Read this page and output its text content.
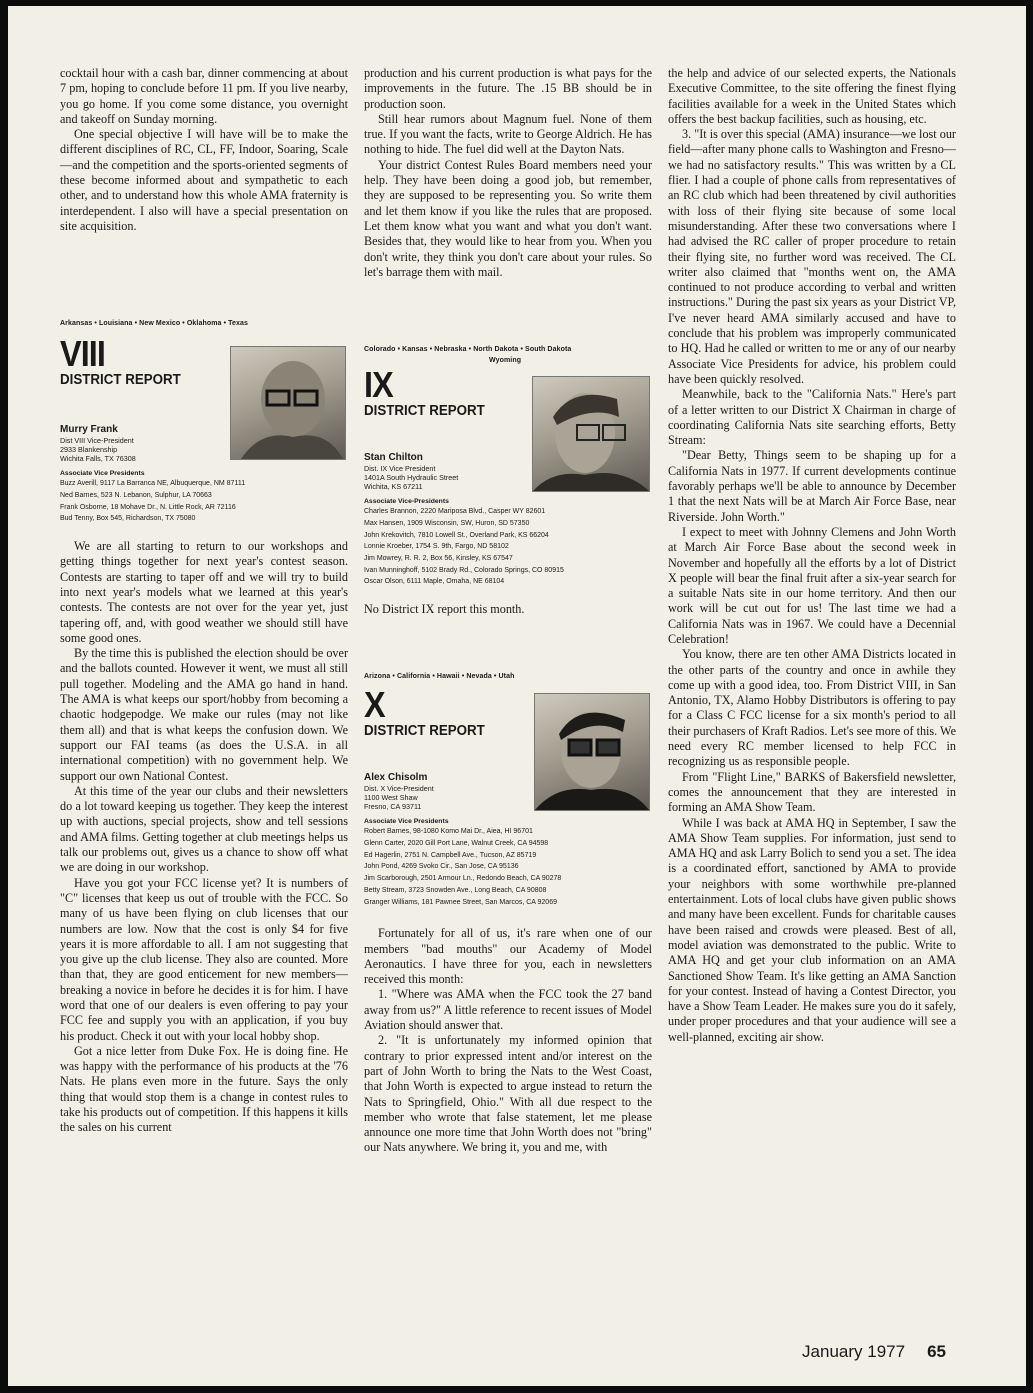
cocktail hour with a cash bar, dinner commencing at about 7 pm, hoping to conclude before 11 pm. If you live nearby, you go home. If you come some distance, you overnight and takeoff on Sunday morning.

One special objective I will have will be to make the different disciplines of RC, CL, FF, Indoor, Soaring, Scale—and the competition and the sports-oriented segments of these become informed about and sympathetic to each other, and to understand how this whole AMA fraternity is interdependent. I also will have a special presentation on site acquisition.

Arkansas • Louisiana • New Mexico • Oklahoma • Texas
VIII
DISTRICT REPORT
Murry Frank
Dist VIII Vice-President
2933 Blankenship
Wichita Falls, TX 76308
Associate Vice Presidents
Buzz Averill, 9117 La Barranca NE, Albuquerque, NM 87111
Ned Barnes, 523 N. Lebanon, Sulphur, LA 70663
Frank Osborne, 18 Mohave Dr., N. Little Rock, AR 72116
Bud Tenny, Box 545, Richardson, TX 75080

We are all starting to return to our workshops and getting things together for next year's contest season. Contests are starting to taper off and we will try to build into next year's models what we learned at this year's contests. The contests are not over for the year yet, just tapering off, and, with good weather we should still have some good ones.

By the time this is published the election should be over and the ballots counted. However it went, we must all still pull together. Modeling and the AMA go hand in hand. The AMA is what keeps our sport/hobby from becoming a chaotic hodgepodge. We make our rules (may not like them all) and that is what keeps the confusion down. We support our FAI teams (as does the U.S.A. in all international competition) with no government help. We support our own National Contest.

At this time of the year our clubs and their newsletters do a lot toward keeping us together. They keep the interest up with auctions, special projects, show and tell sessions and AMA films. Getting together at club meetings helps us talk our problems out, gives us a chance to show off what we are doing in our workshop.

Have you got your FCC license yet? It is numbers of "C" licenses that keep us out of trouble with the FCC. So many of us have been flying on club licenses that our numbers are low. Now that the cost is only $4 for five years it is more affordable to all. I am not suggesting that you give up the club license. They also are counted. More than that, they are good enticement for new members—breaking a novice in before he decides it is for him. I have word that one of our dealers is even offering to pay your FCC fee and supply you with an application, if you buy his product. Check it out with your local hobby shop.

Got a nice letter from Duke Fox. He is doing fine. He was happy with the performance of his products at the '76 Nats. He plans even more in the future. Says the only thing that would stop them is a change in contest rules to take his products out of competition. If this happens it kills the sales on his current

production and his current production is what pays for the improvements in the future. The .15 BB should be in production soon.

Still hear rumors about Magnum fuel. None of them true. If you want the facts, write to George Aldrich. He has nothing to hide. The fuel did well at the Dayton Nats.

Your district Contest Rules Board members need your help. They have been doing a good job, but remember, they are supposed to be representing you. So write them and let them know if you like the rules that are proposed. Let them know what you want and what you don't want. Besides that, they would like to hear from you. When you don't write, they think you don't care about your rules. So let's barrage them with mail.

Colorado • Kansas • Nebraska • North Dakota • South Dakota
Wyoming
IX
DISTRICT REPORT
Stan Chilton
Dist. IX Vice President
1401A South Hydraulic Street
Wichita, KS 67211
Associate Vice-Presidents
Charles Brannon, 2220 Mariposa Blvd., Casper WY 82601
Max Hansen, 1909 Wisconsin, SW, Huron, SD 57350
John Krekovitch, 7810 Lowell St., Overland Park, KS 66204
Lonnie Kroeber, 1754 S. 9th, Fargo, ND 58102
Jim Mowrey, R. R. 2, Box 56, Kinsley, KS 67547
Ivan Munninghoff, 5102 Brady Rd., Colorado Springs, CO 80915
Oscar Olson, 6111 Maple, Omaha, NE 68104

No District IX report this month.

Arizona • California • Hawaii • Nevada • Utah
X
DISTRICT REPORT
Alex Chisolm
Dist. X Vice-President
1100 West Shaw
Fresno, CA 93711
Associate Vice Presidents
Robert Barnes, 98-1080 Komo Mai Dr., Aiea, HI 96701
Glenn Carter, 2020 Gill Port Lane, Walnut Creek, CA 94598
Ed Hagerlin, 2751 N. Campbell Ave., Tucson, AZ 85719
John Pond, 4269 Svoko Cir., San Jose, CA 95136
Jim Scarborough, 2501 Armour Ln., Redondo Beach, CA 90278
Betty Stream, 3723 Snowden Ave., Long Beach, CA 90808
Granger Williams, 181 Pawnee Street, San Marcos, CA 92069

Fortunately for all of us, it's rare when one of our members "bad mouths" our Academy of Model Aeronautics. I have three for you, each in newsletters received this month:

1. "Where was AMA when the FCC took the 27 band away from us?" A little reference to recent issues of Model Aviation should answer that.

2. "It is unfortunately my informed opinion that contrary to prior expressed intent and/or interest on the part of John Worth to bring the Nats to the West Coast, that John Worth is expected to argue instead to return the Nats to Springfield, Ohio." With all due respect to the member who wrote that false statement, let me please announce one more time that John Worth does not "bring" our Nats anywhere. We bring it, you and me, with

the help and advice of our selected experts, the Nationals Executive Committee, to the site offering the finest flying facilities available for a week in the United States which offers the best backup facilities, such as housing, etc.

3. "It is over this special (AMA) insurance—we lost our field—after many phone calls to Washington and Fresno—we had no satisfactory results." This was written by a CL flier. I had a couple of phone calls from representatives of an RC club which had been threatened by civil authorities with loss of their flying site because of some local misunderstanding. After these two conversations where I had advised the RC caller of proper procedure to retain their flying site, no further word was received. The CL writer also claimed that "months went on, the AMA continued to not produce according to verbal and written instructions." During the past six years as your District VP, I've never heard AMA similarly accused and have to conclude that his problem was improperly communicated to HQ. Had he called or written to me or any of our nearby Associate Vice Presidents for advice, his problem could have been quickly resolved.

Meanwhile, back to the "California Nats." Here's part of a letter written to our District X Chairman in charge of coordinating California Nats site searching efforts, Betty Stream:

"Dear Betty, Things seem to be shaping up for a California Nats in 1977. If current developments continue favorably perhaps we'll be able to announce by December 1 that the next Nats will be at March Air Force Base, near Riverside. John Worth."

I expect to meet with Johnny Clemens and John Worth at March Air Force Base about the second week in November and hopefully all the efforts by a lot of District X people will bear the final fruit after a six-year search for a suitable Nats site in our home territory. And then our work will be cut out for us! The last time we had a California Nats was in 1967. We could have a Decennial Celebration!

You know, there are ten other AMA Districts located in the other parts of the country and once in awhile they come up with a good idea, too. From District VIII, in San Antonio, TX, Alamo Hobby Distributors is offering to pay for a Class C FCC license for a six month's period to all their purchasers of Kraft Radios. Let's see more of this. We need every RC member licensed to help FCC in recognizing us as responsible people.

From "Flight Line," BARKS of Bakersfield newsletter, comes the announcement that they are interested in forming an AMA Show Team.

While I was back at AMA HQ in September, I saw the AMA Show Team supplies. For information, just send to AMA HQ and ask Larry Bolich to send you a set. The idea is a coordinated effort, sanctioned by AMA to provide your neighbors with some worthwhile pre-planned entertainment. Lots of local clubs have given public shows and many have been excellent. Funds for charitable causes have been raised and crowds were pleased. Best of all, model aviation was demonstrated to the public. Write to AMA HQ and get your club information on an AMA Sanctioned Show Team. It's like getting an AMA Sanction for your contest. Instead of having a Contest Director, you have a Show Team Leader. He makes sure you do it safely, under proper procedures and that your audience will see a well-planned, exciting air show.

January 1977 65
